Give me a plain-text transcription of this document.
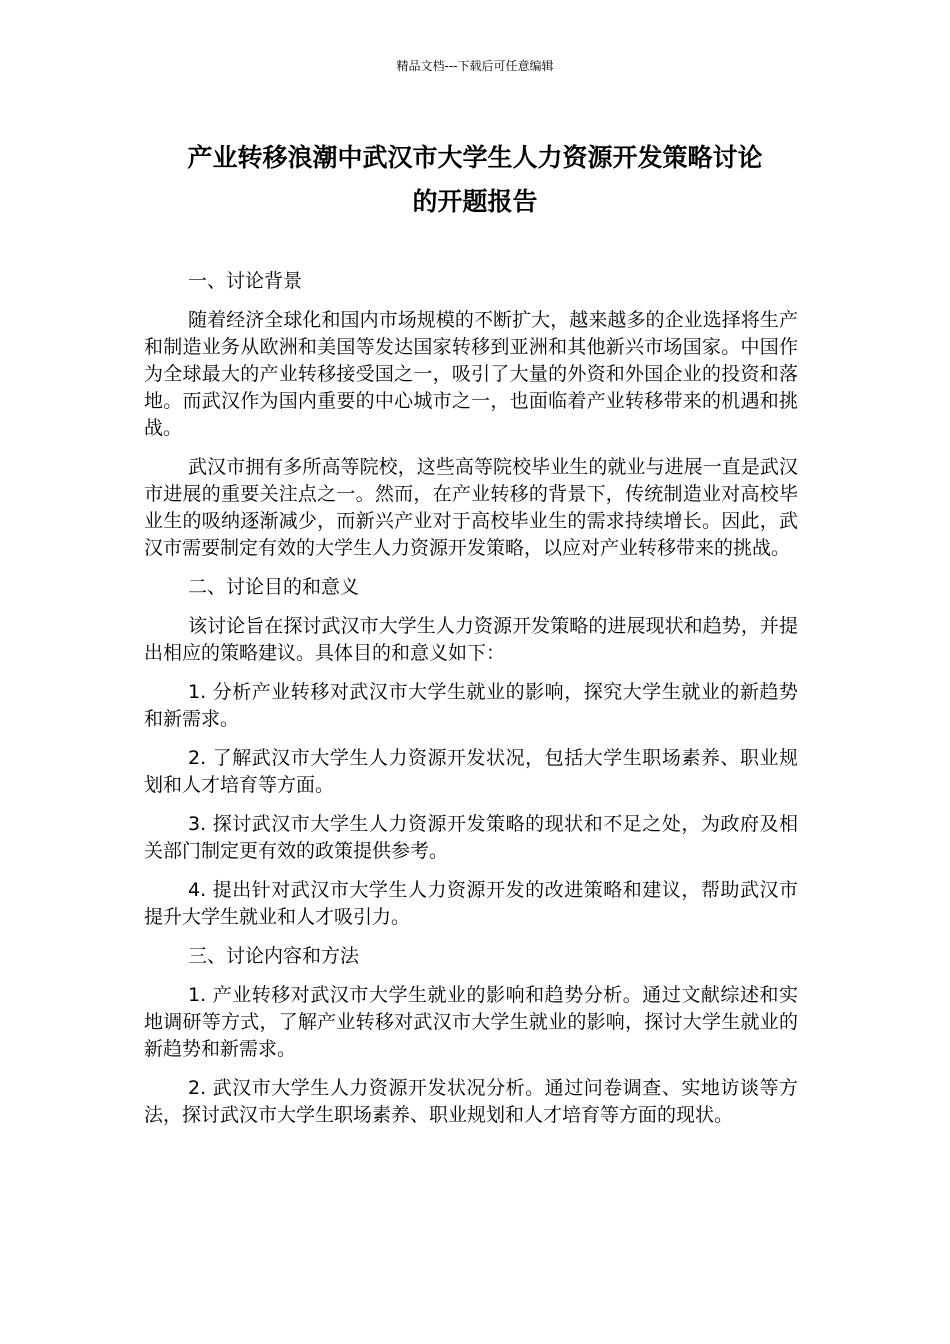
精品文档---下载后可任意编辑
产业转移浪潮中武汉市大学生人力资源开发策略讨论
的开题报告

一、讨论背景

随着经济全球化和国内市场规模的不断扩大，越来越多的企业选择将生产和制造业务从欧洲和美国等发达国家转移到亚洲和其他新兴市场国家。中国作为全球最大的产业转移接受国之一，吸引了大量的外资和外国企业的投资和落地。而武汉作为国内重要的中心城市之一，也面临着产业转移带来的机遇和挑战。

武汉市拥有多所高等院校，这些高等院校毕业生的就业与进展一直是武汉市进展的重要关注点之一。然而，在产业转移的背景下，传统制造业对高校毕业生的吸纳逐渐减少，而新兴产业对于高校毕业生的需求持续增长。因此，武汉市需要制定有效的大学生人力资源开发策略，以应对产业转移带来的挑战。

二、讨论目的和意义

该讨论旨在探讨武汉市大学生人力资源开发策略的进展现状和趋势，并提出相应的策略建议。具体目的和意义如下：

1. 分析产业转移对武汉市大学生就业的影响，探究大学生就业的新趋势和新需求。

2. 了解武汉市大学生人力资源开发状况，包括大学生职场素养、职业规划和人才培育等方面。

3. 探讨武汉市大学生人力资源开发策略的现状和不足之处，为政府及相关部门制定更有效的政策提供参考。

4. 提出针对武汉市大学生人力资源开发的改进策略和建议，帮助武汉市提升大学生就业和人才吸引力。

三、讨论内容和方法

1. 产业转移对武汉市大学生就业的影响和趋势分析。通过文献综述和实地调研等方式，了解产业转移对武汉市大学生就业的影响，探讨大学生就业的新趋势和新需求。

2. 武汉市大学生人力资源开发状况分析。通过问卷调查、实地访谈等方法，探讨武汉市大学生职场素养、职业规划和人才培育等方面的现状。
